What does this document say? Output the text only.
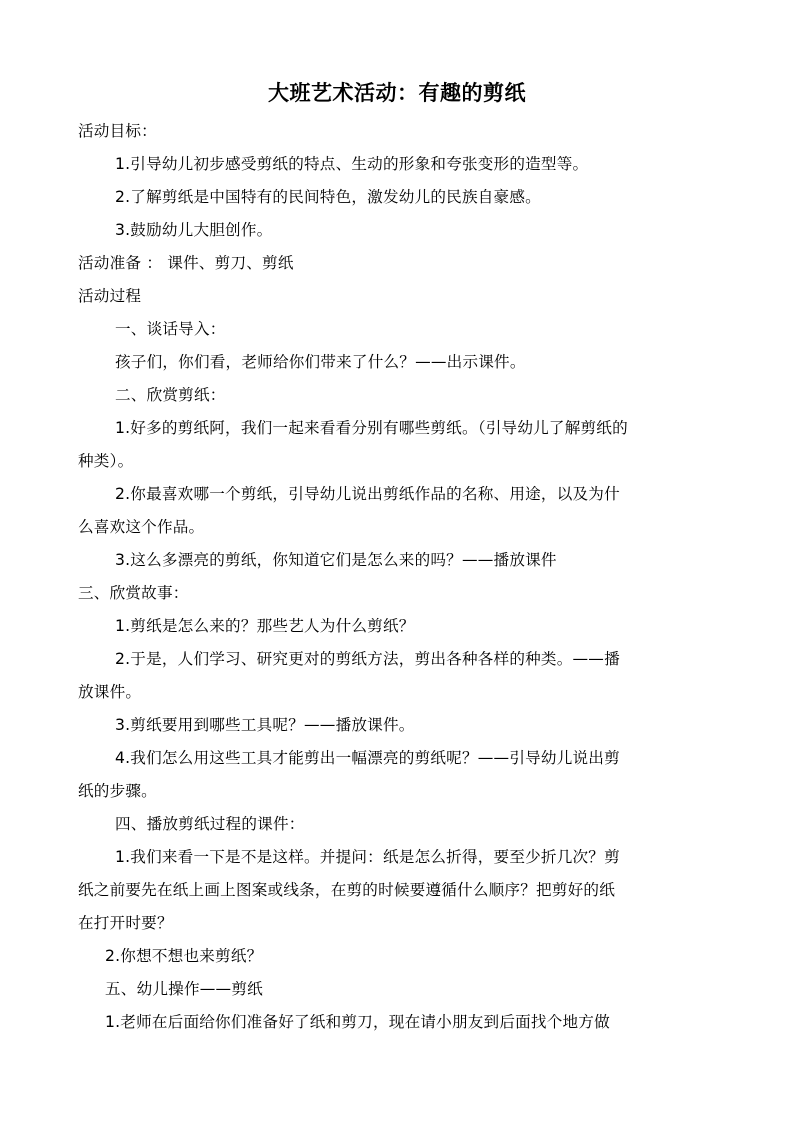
大班艺术活动：有趣的剪纸

活动目标：

1.引导幼儿初步感受剪纸的特点、生动的形象和夸张变形的造型等。

2.了解剪纸是中国特有的民间特色，激发幼儿的民族自豪感。

3.鼓励幼儿大胆创作。

活动准备 ： 课件、剪刀、剪纸

活动过程

一、谈话导入：

孩子们，你们看，老师给你们带来了什么？——出示课件。

二、欣赏剪纸：

1.好多的剪纸阿，我们一起来看看分别有哪些剪纸。（引导幼儿了解剪纸的

种类）。

2.你最喜欢哪一个剪纸，引导幼儿说出剪纸作品的名称、用途，以及为什

么喜欢这个作品。

3.这么多漂亮的剪纸，你知道它们是怎么来的吗？——播放课件

三、欣赏故事：

1.剪纸是怎么来的？那些艺人为什么剪纸？

2.于是，人们学习、研究更对的剪纸方法，剪出各种各样的种类。——播

放课件。

3.剪纸要用到哪些工具呢？——播放课件。

4.我们怎么用这些工具才能剪出一幅漂亮的剪纸呢？——引导幼儿说出剪

纸的步骤。

四、播放剪纸过程的课件：

1.我们来看一下是不是这样。并提问：纸是怎么折得，要至少折几次？剪

纸之前要先在纸上画上图案或线条，在剪的时候要遵循什么顺序？把剪好的纸

在打开时要？

2.你想不想也来剪纸？

五、幼儿操作——剪纸

1.老师在后面给你们准备好了纸和剪刀，现在请小朋友到后面找个地方做
